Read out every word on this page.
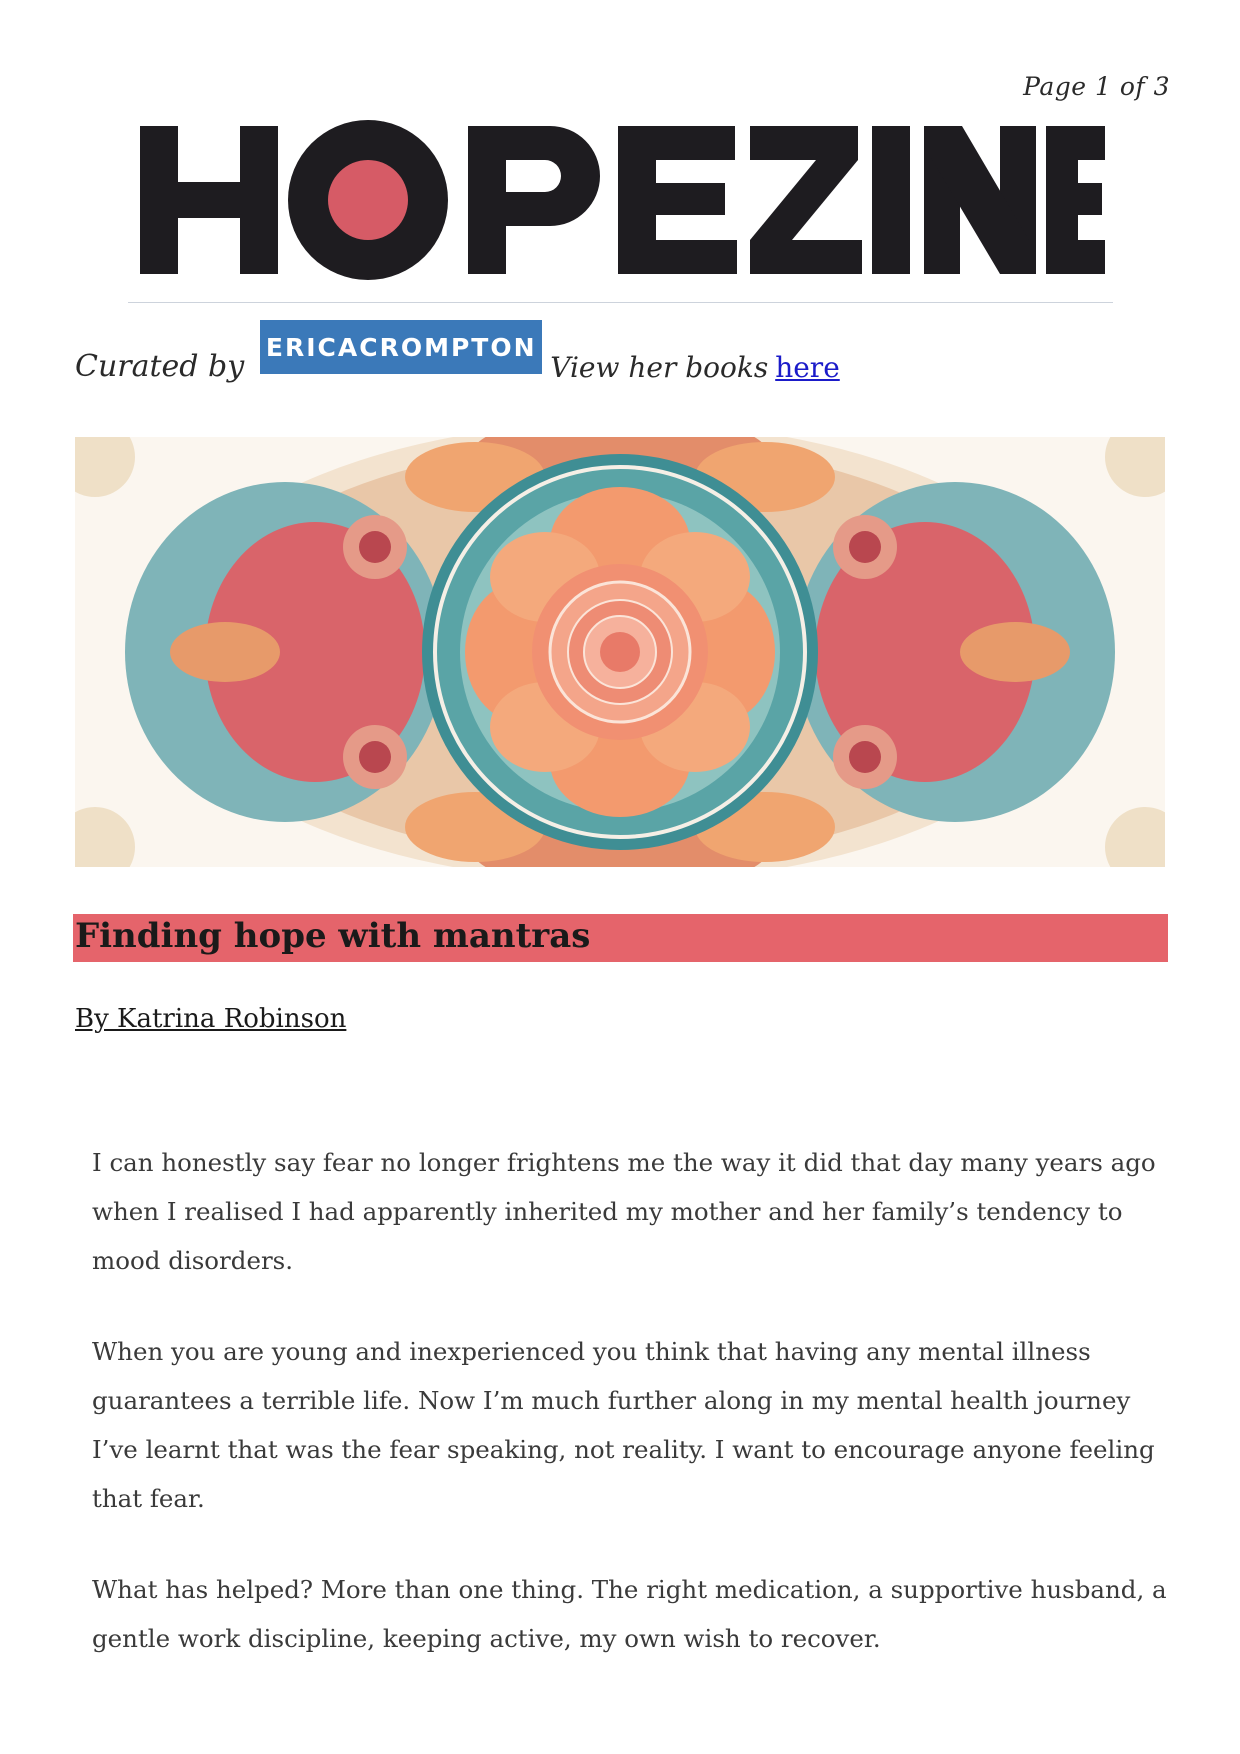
Page 1 of 3
Curated by
ERICACROMPTON
View her books here
Finding hope with mantras
By Katrina Robinson

I can honestly say fear no longer frightens me the way it did that day many years ago when I realised I had apparently inherited my mother and her family’s tendency to mood disorders.

When you are young and inexperienced you think that having any mental illness guarantees a terrible life. Now I’m much further along in my mental health journey I’ve learnt that was the fear speaking, not reality. I want to encourage anyone feeling that fear.

What has helped? More than one thing. The right medication, a supportive husband, a gentle work discipline, keeping active, my own wish to recover.
